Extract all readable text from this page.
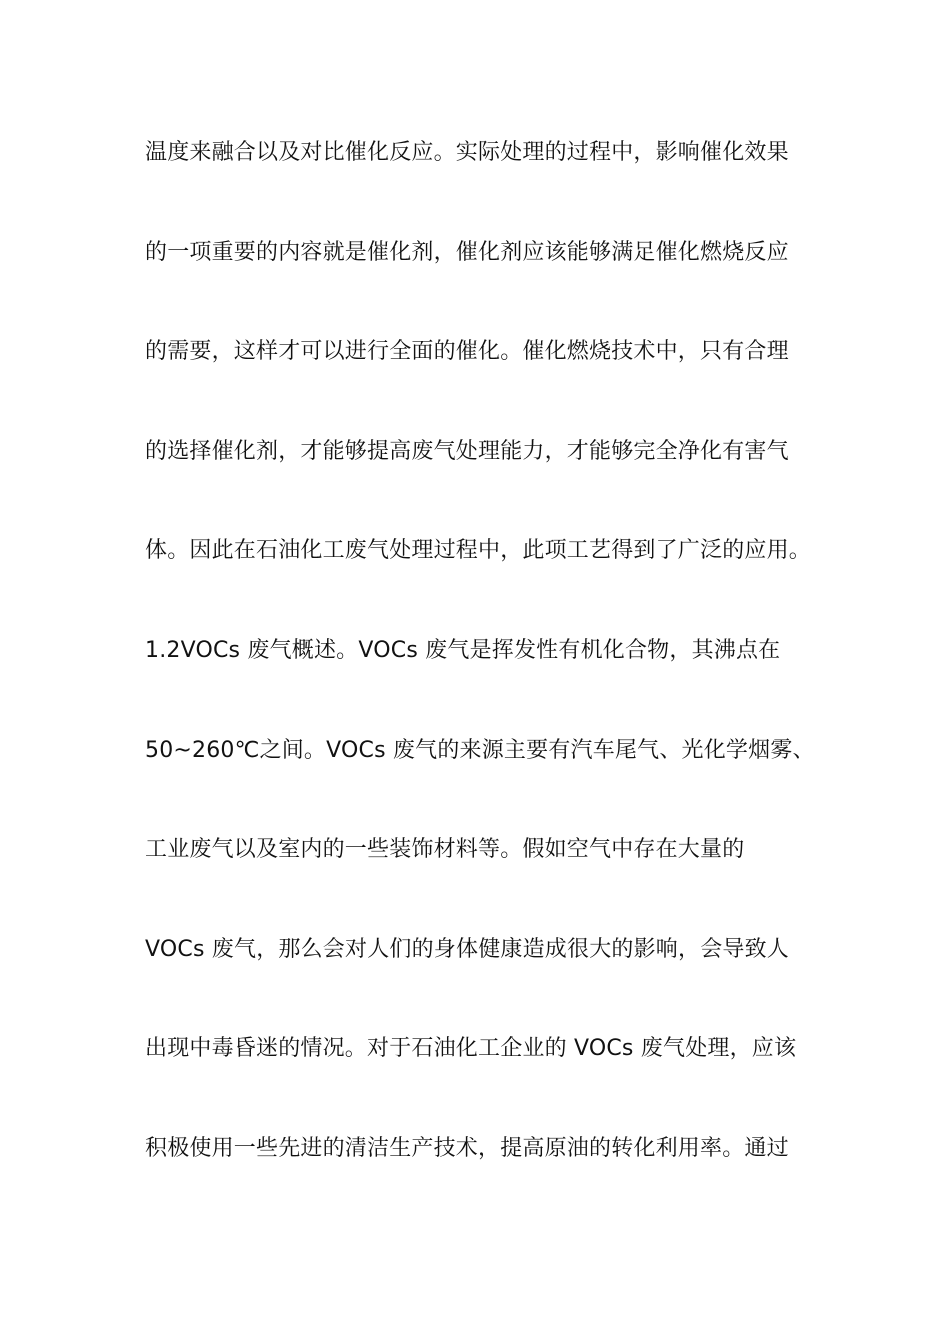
温度来融合以及对比催化反应。实际处理的过程中，影响催化效果
的一项重要的内容就是催化剂，催化剂应该能够满足催化燃烧反应
的需要，这样才可以进行全面的催化。催化燃烧技术中，只有合理
的选择催化剂，才能够提高废气处理能力，才能够完全净化有害气
体。因此在石油化工废气处理过程中，此项工艺得到了广泛的应用。
1.2VOCs 废气概述。VOCs 废气是挥发性有机化合物，其沸点在
50~260℃之间。VOCs 废气的来源主要有汽车尾气、光化学烟雾、
工业废气以及室内的一些装饰材料等。假如空气中存在大量的
VOCs 废气，那么会对人们的身体健康造成很大的影响，会导致人
出现中毒昏迷的情况。对于石油化工企业的 VOCs 废气处理，应该
积极使用一些先进的清洁生产技术，提高原油的转化利用率。通过
